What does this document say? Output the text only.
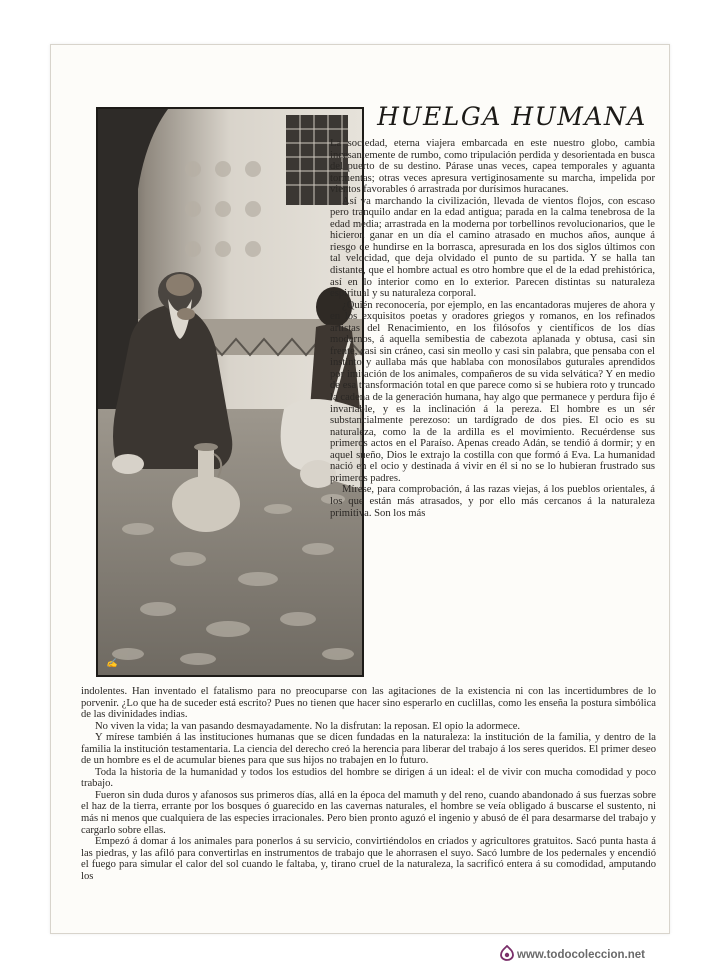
✍
HUELGA HUMANA

La sociedad, eterna viajera embarcada en este nuestro globo, cambia incesantemente de rumbo, como tripulación perdida y desorientada en busca del puerto de su destino. Párase unas veces, capea temporales y aguanta tormentas; otras veces apresura vertiginosamente su marcha, impelida por vientos favorables ó arrastrada por durísimos huracanes.

Así va marchando la civilización, llevada de vientos flojos, con escaso pero tranquilo andar en la edad antigua; parada en la calma tenebrosa de la edad media; arrastrada en la moderna por torbellinos revolucionarios, que le hicieron ganar en un día el camino atrasado en muchos años, aunque á riesgo de hundirse en la borrasca, apresurada en los dos siglos últimos con tal velocidad, que deja olvidado el punto de su partida. Y se halla tan distante, que el hombre actual es otro hombre que el de la edad prehistórica, así en lo interior como en lo exterior. Parecen distintas su naturaleza espiritual y su naturaleza corporal.

¿Quién reconocería, por ejemplo, en las encantadoras mujeres de ahora y en los exquisitos poetas y oradores griegos y romanos, en los refinados artistas del Renacimiento, en los filósofos y científicos de los días modernos, á aquella semibestia de cabezota aplanada y obtusa, casi sin frente, casi sin cráneo, casi sin meollo y casi sin palabra, que pensaba con el instinto y aullaba más que hablaba con monosílabos guturales aprendidos por imitación de los animales, compañeros de su vida selvática? Y en medio de esa transformación total en que parece como si se hubiera roto y truncado la cadena de la generación humana, hay algo que permanece y perdura fijo é invariable, y es la inclinación á la pereza. El hombre es un sér substancialmente perezoso: un tardígrado de dos pies. El ocio es su naturaleza, como la de la ardilla es el movimiento. Recuérdense sus primeros actos en el Paraíso. Apenas creado Adán, se tendió á dormir; y en aquel sueño, Dios le extrajo la costilla con que formó á Eva. La humanidad nació en el ocio y destinada á vivir en él si no se lo hubieran frustrado sus primeros padres.

Mírese, para comprobación, á las razas viejas, á los pueblos orientales, á los que están más atrasados, y por ello más cercanos á la naturaleza primitiva. Son los más

indolentes. Han inventado el fatalismo para no preocuparse con las agitaciones de la existencia ni con las incertidumbres de lo porvenir. ¿Lo que ha de suceder está escrito? Pues no tienen que hacer sino esperarlo en cuclillas, como les enseña la postura simbólica de las divinidades indias.

No viven la vida; la van pasando desmayadamente. No la disfrutan: la reposan. El opio la adormece.

Y mírese también á las instituciones humanas que se dicen fundadas en la naturaleza: la institución de la familia, y dentro de la familia la institución testamentaria. La ciencia del derecho creó la herencia para liberar del trabajo á los seres queridos. El primer deseo de un hombre es el de acumular bienes para que sus hijos no trabajen en lo futuro.

Toda la historia de la humanidad y todos los estudios del hombre se dirigen á un ideal: el de vivir con mucha comodidad y poco trabajo.

Fueron sin duda duros y afanosos sus primeros días, allá en la época del mamuth y del reno, cuando abandonado á sus fuerzas sobre el haz de la tierra, errante por los bosques ó guarecido en las cavernas naturales, el hombre se veía obligado á buscarse el sustento, ni más ni menos que cualquiera de las especies irracionales. Pero bien pronto aguzó el ingenio y abusó de él para desarmarse del trabajo y cargarlo sobre ellas.

Empezó á domar á los animales para ponerlos á su servicio, convirtiéndolos en criados y agricultores gratuitos. Sacó punta hasta á las piedras, y las afiló para convertirlas en instrumentos de trabajo que le ahorrasen el suyo. Sacó lumbre de los pedernales y encendió el fuego para simular el calor del sol cuando le faltaba, y, tirano cruel de la naturaleza, la sacrificó entera á su comodidad, amputando los

www.todocoleccion.net
